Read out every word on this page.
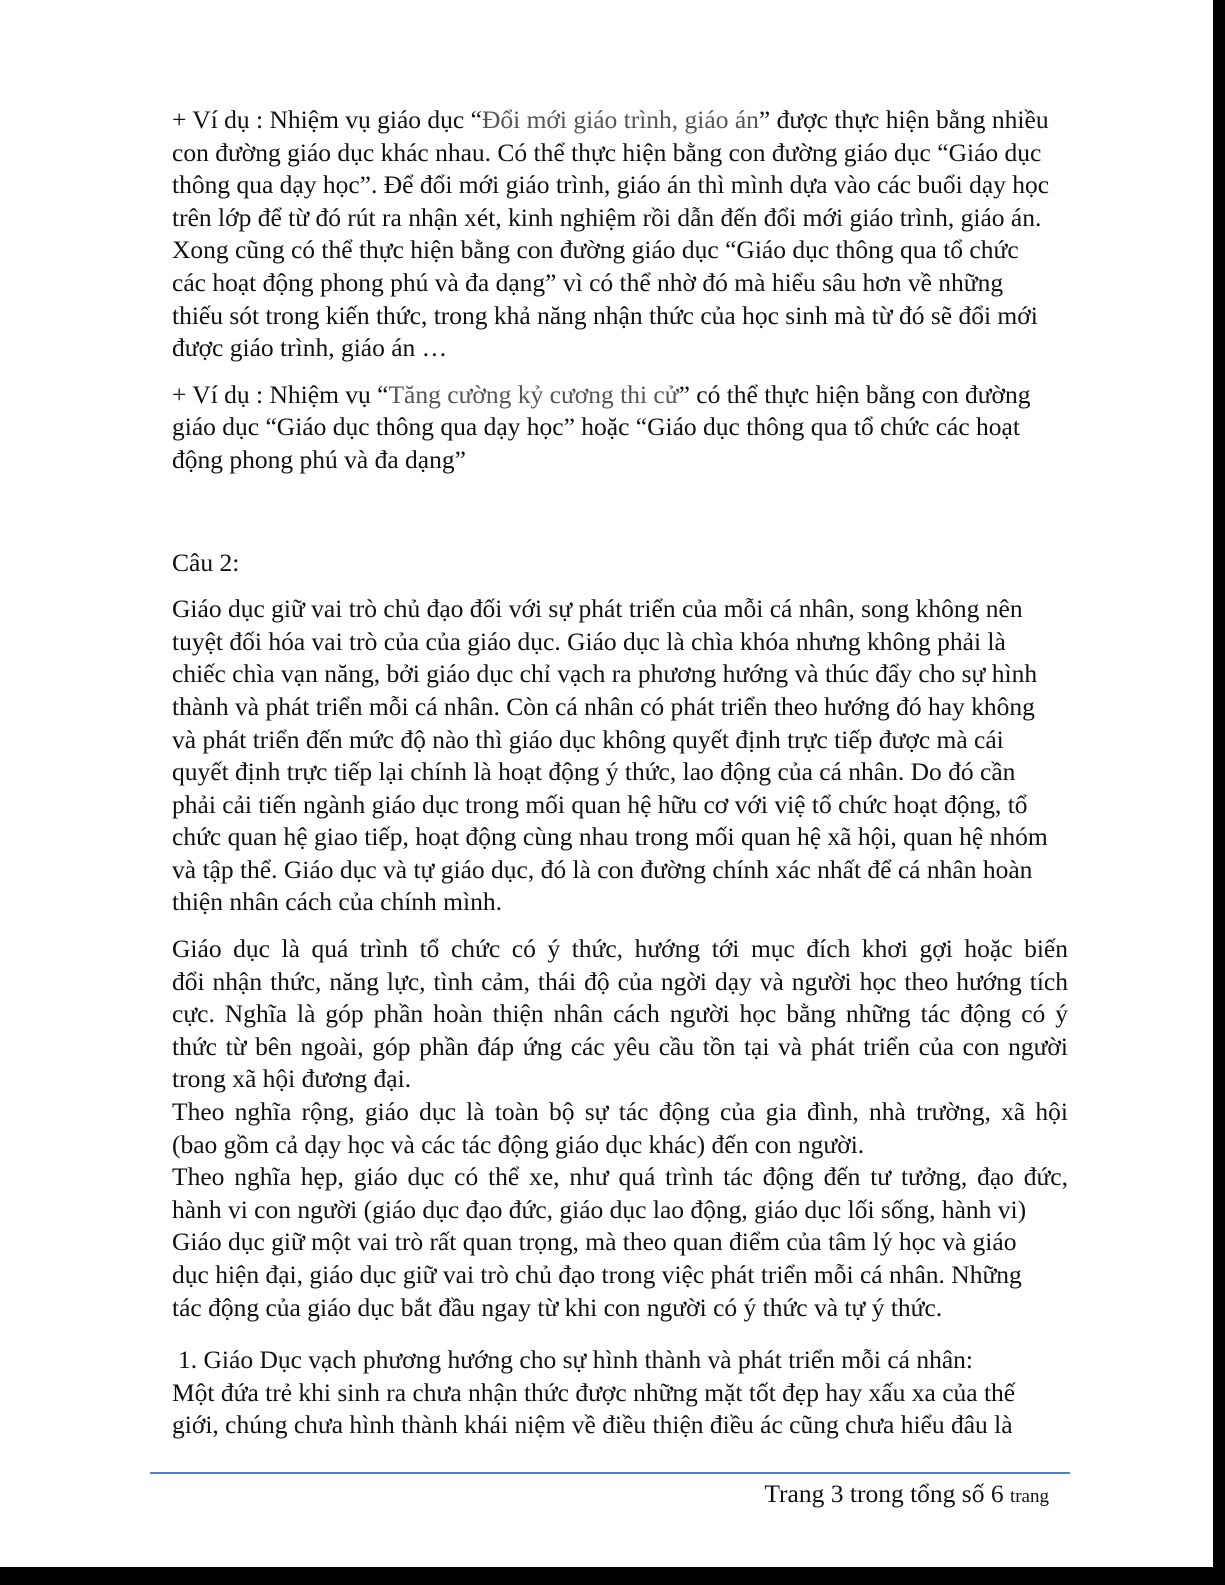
+ Ví dụ : Nhiệm vụ giáo dục “Đổi mới giáo trình, giáo án” được thực hiện bằng nhiều
con đường giáo dục khác nhau. Có thể thực hiện bằng con đường giáo dục “Giáo dục
thông qua dạy học”. Để đổi mới giáo trình, giáo án thì mình dựa vào các buổi dạy học
trên lớp để từ đó rút ra nhận xét, kinh nghiệm rồi dẫn đến đổi mới giáo trình, giáo án.
Xong cũng có thể thực hiện bằng con đường giáo dục “Giáo dục thông qua tổ chức
các hoạt động phong phú và đa dạng” vì có thể nhờ đó mà hiểu sâu hơn về những
thiếu sót trong kiến thức, trong khả năng nhận thức của học sinh mà từ đó sẽ đổi mới
được giáo trình, giáo án …
+ Ví dụ : Nhiệm vụ “Tăng cường kỷ cương thi cử” có thể thực hiện bằng con đường
giáo dục “Giáo dục thông qua dạy học” hoặc “Giáo dục thông qua tổ chức các hoạt
động phong phú và đa dạng”
Câu 2:
Giáo dục giữ vai trò chủ đạo đối với sự phát triển của mỗi cá nhân, song không nên
tuyệt đối hóa vai trò của của giáo dục. Giáo dục là chìa khóa nhưng không phải là
chiếc chìa vạn năng, bởi giáo dục chỉ vạch ra phương hướng và thúc đẩy cho sự hình
thành và phát triển mỗi cá nhân. Còn cá nhân có phát triển theo hướng đó hay không
và phát triển đến mức độ nào thì giáo dục không quyết định trực tiếp được mà cái
quyết định trực tiếp lại chính là hoạt động ý thức, lao động của cá nhân. Do đó cần
phải cải tiến ngành giáo dục trong mối quan hệ hữu cơ với việ tổ chức hoạt động, tổ
chức quan hệ giao tiếp, hoạt động cùng nhau trong mối quan hệ xã hội, quan hệ nhóm
và tập thể. Giáo dục và tự giáo dục, đó là con đường chính xác nhất để cá nhân hoàn
thiện nhân cách của chính mình.
Giáo dục là quá trình tổ chức có ý thức, hướng tới mục đích khơi gợi hoặc biến
đổi nhận thức, năng lực, tình cảm, thái độ của ngời dạy và người học theo hướng tích
cực. Nghĩa là góp phần hoàn thiện nhân cách người học bằng những tác động có ý
thức từ bên ngoài, góp phần đáp ứng các yêu cầu tồn tại và phát triển của con người
trong xã hội đương đại.
Theo nghĩa rộng, giáo dục là toàn bộ sự tác động của gia đình, nhà trường, xã hội
(bao gồm cả dạy học và các tác động giáo dục khác) đến con người.
Theo nghĩa hẹp, giáo dục có thể xe, như quá trình tác động đến tư tưởng, đạo đức,
hành vi con người (giáo dục đạo đức, giáo dục lao động, giáo dục lối sống, hành vi)
Giáo dục giữ một vai trò rất quan trọng, mà theo quan điểm của tâm lý học và giáo
dục hiện đại, giáo dục giữ vai trò chủ đạo trong việc phát triển mỗi cá nhân. Những
tác động của giáo dục bắt đầu ngay từ khi con người có ý thức và tự ý thức.
1. Giáo Dục vạch phương hướng cho sự hình thành và phát triển mỗi cá nhân:
Một đứa trẻ khi sinh ra chưa nhận thức được những mặt tốt đẹp hay xấu xa của thế
giới, chúng chưa hình thành khái niệm về điều thiện điều ác cũng chưa hiểu đâu là
Trang 3 trong tổng số 6 trang
